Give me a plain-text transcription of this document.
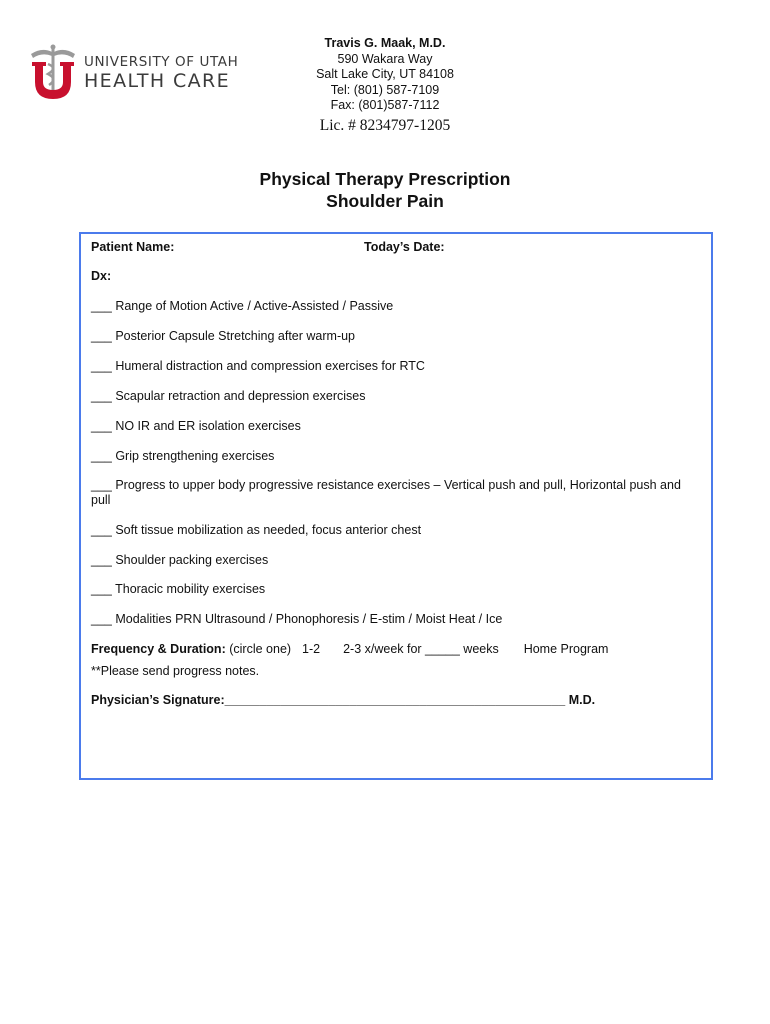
UNIVERSITY OF UTAH
HEALTH CARE
Travis G. Maak, M.D.
590 Wakara Way
Salt Lake City, UT 84108
Tel: (801) 587-7109
Fax: (801)587-7112
Lic. # 8234797-1205
Physical Therapy Prescription
Shoulder Pain
Patient Name:	Today’s Date:
Dx:
___ Range of Motion Active / Active-Assisted / Passive
___ Posterior Capsule Stretching after warm-up
___ Humeral distraction and compression exercises for RTC
___ Scapular retraction and depression exercises
___ NO IR and ER isolation exercises
___ Grip strengthening exercises
___ Progress to upper body progressive resistance exercises – Vertical push and pull, Horizontal push and pull
___ Soft tissue mobilization as needed, focus anterior chest
___ Shoulder packing exercises
___ Thoracic mobility exercises
___ Modalities PRN Ultrasound / Phonophoresis / E-stim / Moist Heat / Ice
Frequency & Duration: (circle one) 1-2 2-3 x/week for _____ weeks Home Program
**Please send progress notes.
Physician’s Signature:_________________________________________________ M.D.
